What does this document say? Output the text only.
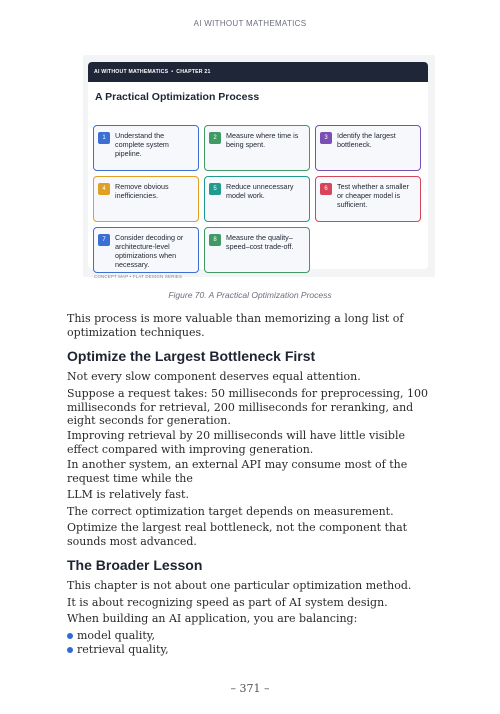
AI WITHOUT MATHEMATICS
AI WITHOUT MATHEMATICS • CHAPTER 21
A Practical Optimization Process
1	Understand the complete system pipeline.
2	Measure where time is being spent.
3	Identify the largest bottleneck.
4	Remove obvious inefficiencies.
5	Reduce unnecessary model work.
6	Test whether a smaller or cheaper model is sufficient.
7	Consider decoding or architecture-level optimizations when necessary.
8	Measure the quality–speed–cost trade-off.
CONCEPT MAP • FLAT DESIGN SERIES
Figure 70. A Practical Optimization Process
This process is more valuable than memorizing a long list of optimization techniques.
Optimize the Largest Bottleneck First
Not every slow component deserves equal attention.
Suppose a request takes: 50 milliseconds for preprocessing, 100 milliseconds for retrieval, 200 milliseconds for reranking, and eight seconds for generation.
Improving retrieval by 20 milliseconds will have little visible effect compared with improving generation.
In another system, an external API may consume most of the request time while the
LLM is relatively fast.
The correct optimization target depends on measurement.
Optimize the largest real bottleneck, not the component that sounds most advanced.
The Broader Lesson
This chapter is not about one particular optimization method.
It is about recognizing speed as part of AI system design.
When building an AI application, you are balancing:
model quality,
retrieval quality,
– 371 –
